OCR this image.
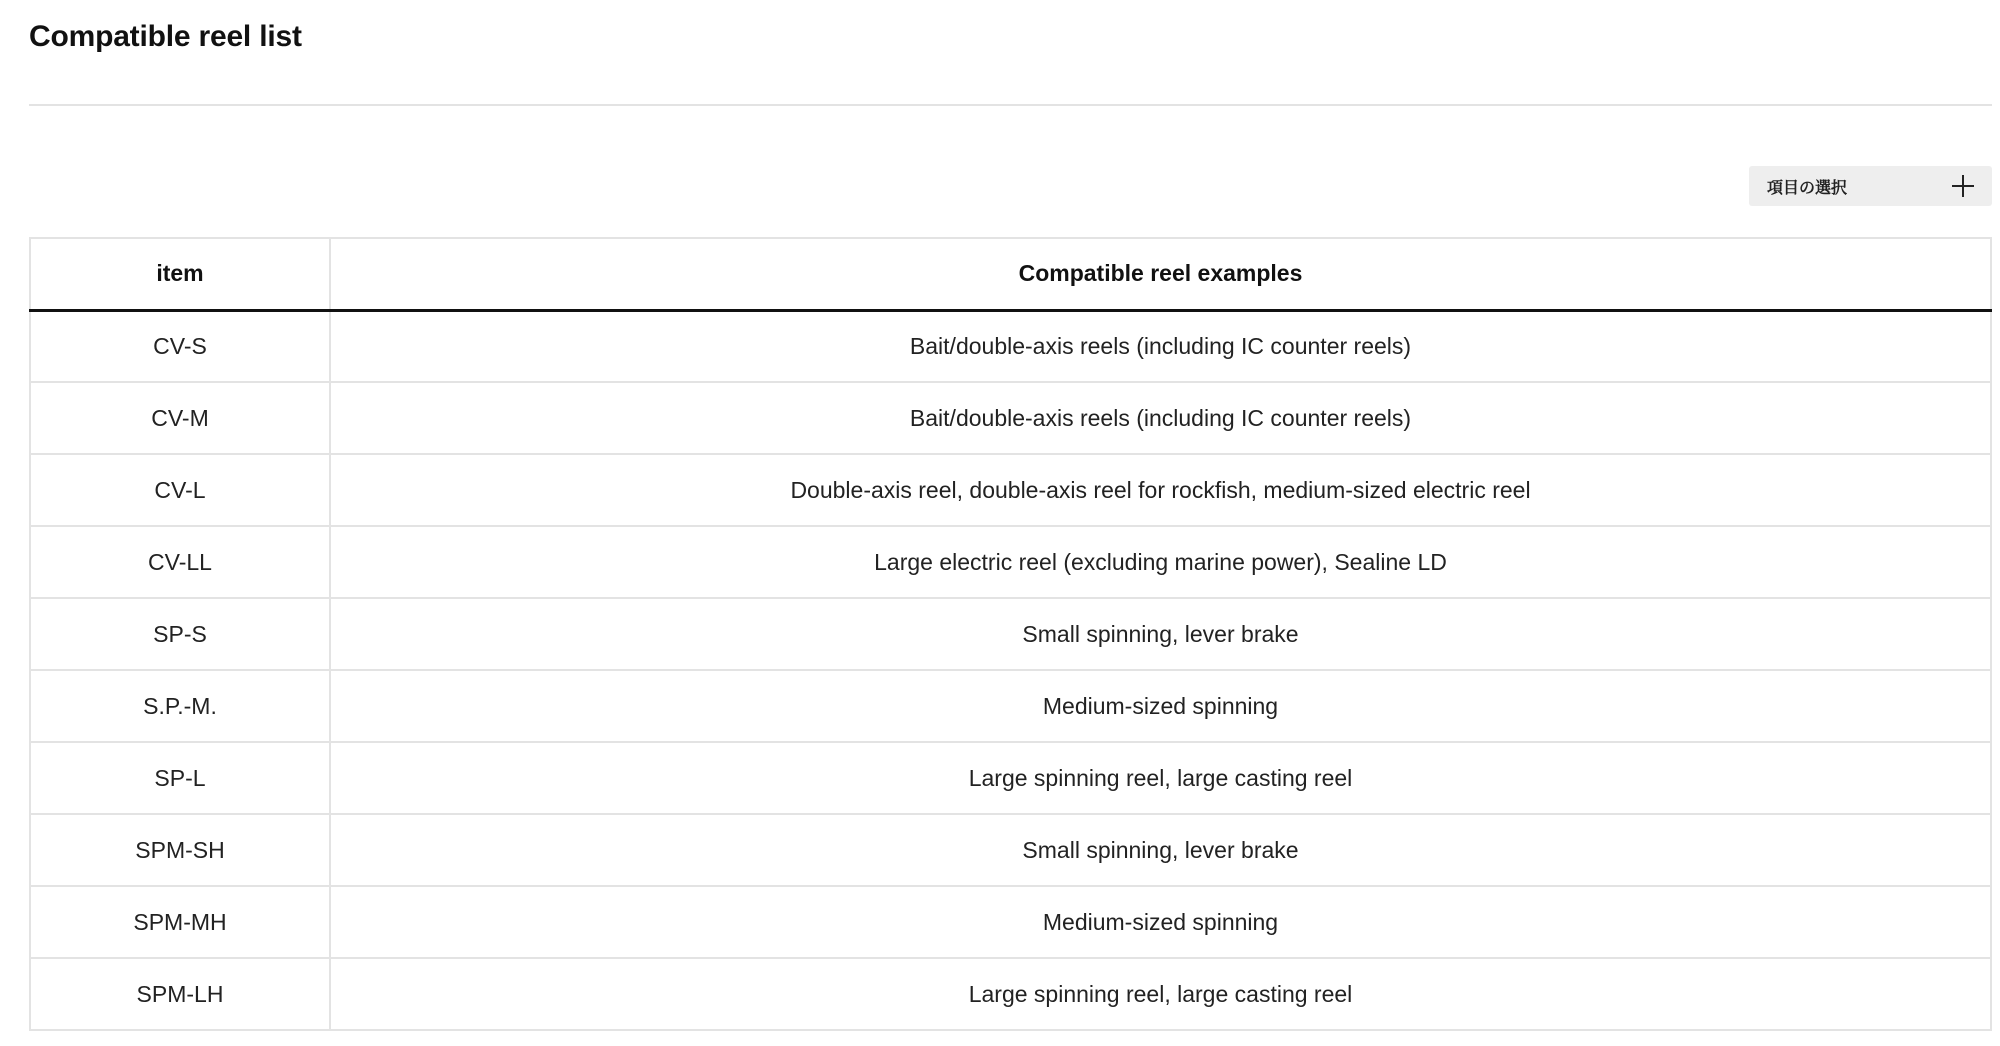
Compatible reel list
項目の選択
item	Compatible reel examples
CV-S	Bait/double-axis reels (including IC counter reels)
CV-M	Bait/double-axis reels (including IC counter reels)
CV-L	Double-axis reel, double-axis reel for rockfish, medium-sized electric reel
CV-LL	Large electric reel (excluding marine power), Sealine LD
SP-S	Small spinning, lever brake
S.P.-M.	Medium-sized spinning
SP-L	Large spinning reel, large casting reel
SPM-SH	Small spinning, lever brake
SPM-MH	Medium-sized spinning
SPM-LH	Large spinning reel, large casting reel
